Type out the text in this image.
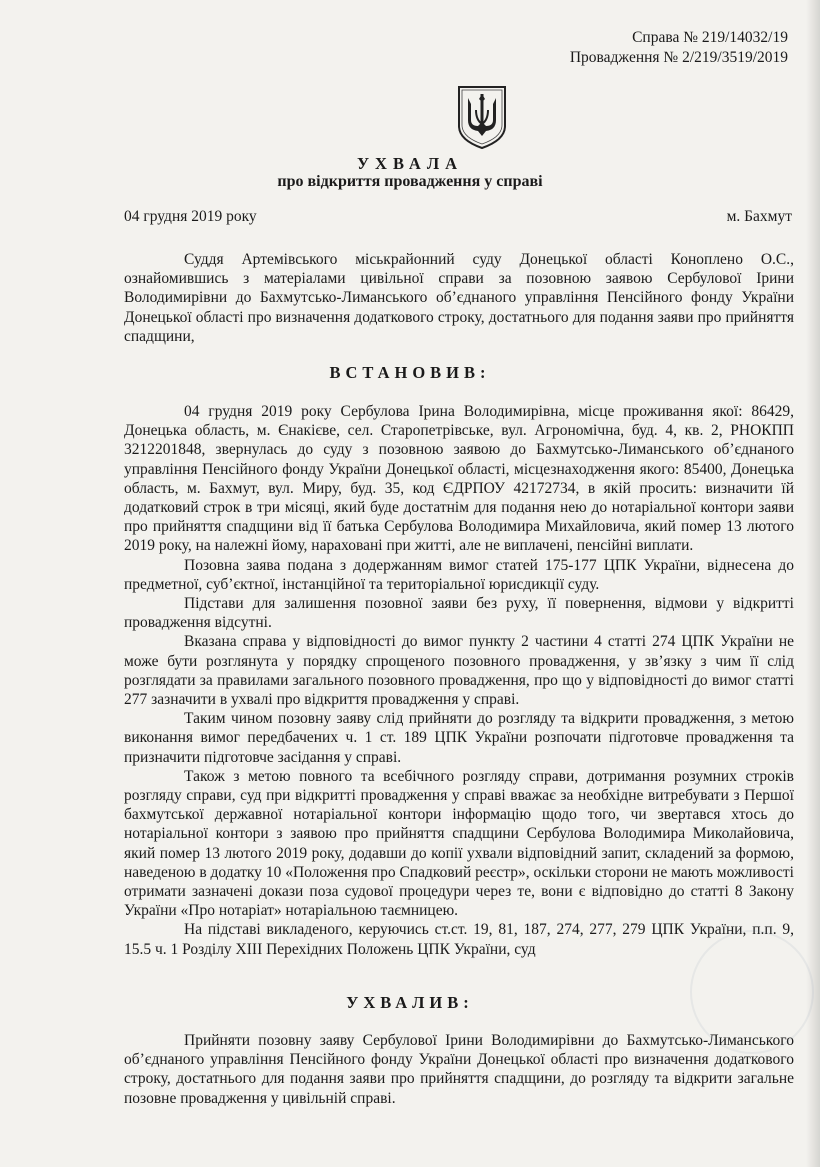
Справа № 219/14032/19
Провадження № 2/219/3519/2019
УХВАЛА
про відкриття провадження у справі
04 грудня 2019 року	м. Бахмут

Суддя Артемівського міськрайонний суду Донецької області Коноплено О.С., ознайомившись з матеріалами цивільної справи за позовною заявою Сербулової Ірини Володимирівни до Бахмутсько-Лиманського об’єднаного управління Пенсійного фонду України Донецької області про визначення додаткового строку, достатнього для подання заяви про прийняття спадщини,

ВСТАНОВИВ:

04 грудня 2019 року Сербулова Ірина Володимирівна, місце проживання якої: 86429, Донецька область, м. Єнакієве, сел. Старопетрівське, вул. Агрономічна, буд. 4, кв. 2, РНОКПП 3212201848, звернулась до суду з позовною заявою до Бахмутсько-Лиманського об’єднаного управління Пенсійного фонду України Донецької області, місцезнаходження якого: 85400, Донецька область, м. Бахмут, вул. Миру, буд. 35, код ЄДРПОУ 42172734, в якій просить: визначити їй додатковий строк в три місяці, який буде достатнім для подання нею до нотаріальної контори заяви про прийняття спадщини від її батька Сербулова Володимира Михайловича, який помер 13 лютого 2019 року, на належні йому, нараховані при житті, але не виплачені, пенсійні виплати.

Позовна заява подана з додержанням вимог статей 175-177 ЦПК України, віднесена до предметної, суб’єктної, інстанційної та територіальної юрисдикції суду.

Підстави для залишення позовної заяви без руху, її повернення, відмови у відкритті провадження відсутні.

Вказана справа у відповідності до вимог пункту 2 частини 4 статті 274 ЦПК України не може бути розглянута у порядку спрощеного позовного провадження, у зв’язку з чим її слід розглядати за правилами загального позовного провадження, про що у відповідності до вимог статті 277 зазначити в ухвалі про відкриття провадження у справі.

Таким чином позовну заяву слід прийняти до розгляду та відкрити провадження, з метою виконання вимог передбачених ч. 1 ст. 189 ЦПК України розпочати підготовче провадження та призначити підготовче засідання у справі.

Також з метою повного та всебічного розгляду справи, дотримання розумних строків розгляду справи, суд при відкритті провадження у справі вважає за необхідне витребувати з Першої бахмутської державної нотаріальної контори інформацію щодо того, чи звертався хтось до нотаріальної контори з заявою про прийняття спадщини Сербулова Володимира Миколайовича, який помер 13 лютого 2019 року, додавши до копії ухвали відповідний запит, складений за формою, наведеною в додатку 10 «Положення про Спадковий реєстр», оскільки сторони не мають можливості отримати зазначені докази поза судової процедури через те, вони є відповідно до статті 8 Закону України «Про нотаріат» нотаріальною таємницею.

На підставі викладеного, керуючись ст.ст. 19, 81, 187, 274, 277, 279 ЦПК України, п.п. 9, 15.5 ч. 1 Розділу XIII Перехідних Положень ЦПК України, суд

УХВАЛИВ:

Прийняти позовну заяву Сербулової Ірини Володимирівни до Бахмутсько-Лиманського об’єднаного управління Пенсійного фонду України Донецької області про визначення додаткового строку, достатнього для подання заяви про прийняття спадщини, до розгляду та відкрити загальне позовне провадження у цивільній справі.
